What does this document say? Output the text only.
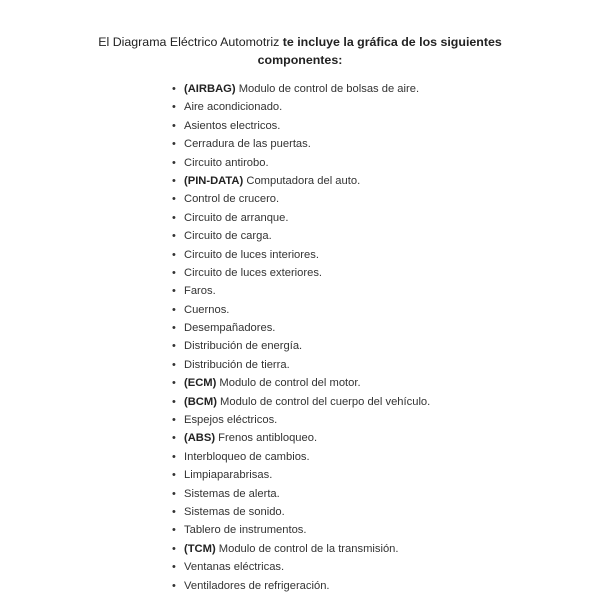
El Diagrama Eléctrico Automotriz te incluye la gráfica de los siguientes
componentes:
• (AIRBAG) Modulo de control de bolsas de aire.
• Aire acondicionado.
• Asientos electricos.
• Cerradura de las puertas.
• Circuito antirobo.
• (PIN-DATA) Computadora del auto.
• Control de crucero.
• Circuito de arranque.
• Circuito de carga.
• Circuito de luces interiores.
• Circuito de luces exteriores.
• Faros.
• Cuernos.
• Desempañadores.
• Distribución de energía.
• Distribución de tierra.
• (ECM) Modulo de control del motor.
• (BCM) Modulo de control del cuerpo del vehículo.
• Espejos eléctricos.
• (ABS) Frenos antibloqueo.
• Interbloqueo de cambios.
• Limpiaparabrisas.
• Sistemas de alerta.
• Sistemas de sonido.
• Tablero de instrumentos.
• (TCM) Modulo de control de la transmisión.
• Ventanas eléctricas.
• Ventiladores de refrigeración.
